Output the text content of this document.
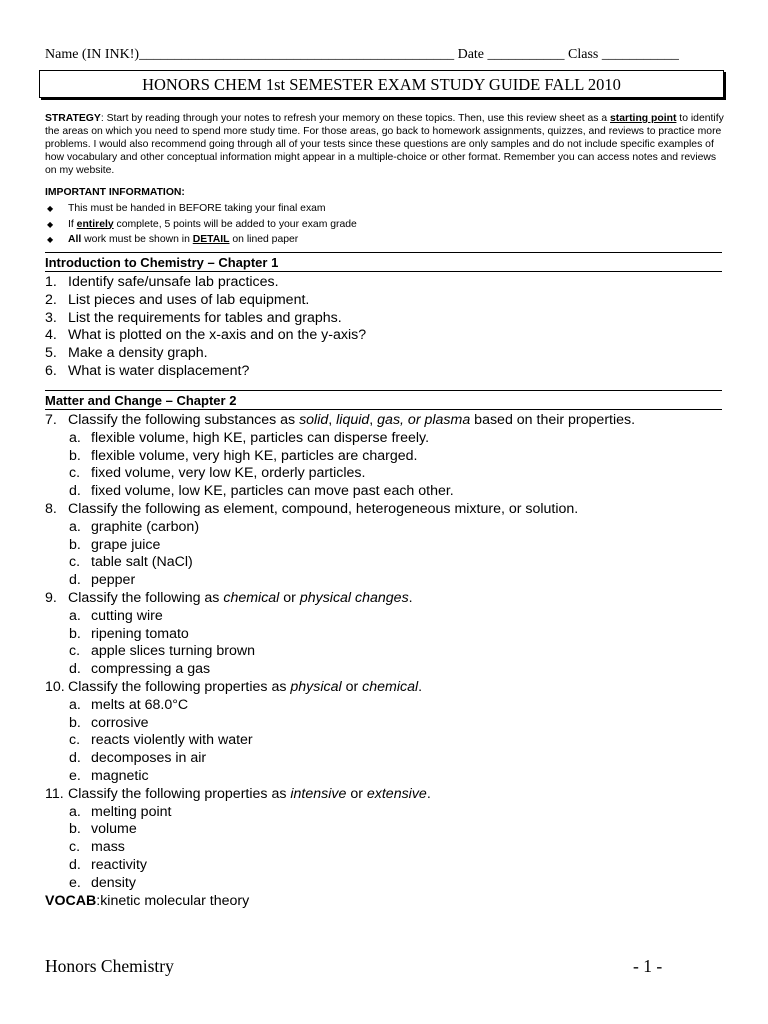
Name (IN INK!)_____________________________________________ Date ___________ Class ___________
HONORS CHEM 1st SEMESTER EXAM STUDY GUIDE FALL 2010
STRATEGY: Start by reading through your notes to refresh your memory on these topics. Then, use this review sheet as a starting point to identify the areas on which you need to spend more study time. For those areas, go back to homework assignments, quizzes, and reviews to practice more problems. I would also recommend going through all of your tests since these questions are only samples and do not include specific examples of how vocabulary and other conceptual information might appear in a multiple-choice or other format. Remember you can access notes and reviews on my website.
IMPORTANT INFORMATION:
◆ This must be handed in BEFORE taking your final exam
◆ If entirely complete, 5 points will be added to your exam grade
◆ All work must be shown in DETAIL on lined paper
Introduction to Chemistry – Chapter 1
1. Identify safe/unsafe lab practices.
2. List pieces and uses of lab equipment.
3. List the requirements for tables and graphs.
4. What is plotted on the x-axis and on the y-axis?
5. Make a density graph.
6. What is water displacement?
Matter and Change – Chapter 2
7. Classify the following substances as solid, liquid, gas, or plasma based on their properties.
a. flexible volume, high KE, particles can disperse freely.
b. flexible volume, very high KE, particles are charged.
c. fixed volume, very low KE, orderly particles.
d. fixed volume, low KE, particles can move past each other.
8. Classify the following as element, compound, heterogeneous mixture, or solution.
a. graphite (carbon)
b. grape juice
c. table salt (NaCl)
d. pepper
9. Classify the following as chemical or physical changes.
a. cutting wire
b. ripening tomato
c. apple slices turning brown
d. compressing a gas
10. Classify the following properties as physical or chemical.
a. melts at 68.0°C
b. corrosive
c. reacts violently with water
d. decomposes in air
e. magnetic
11. Classify the following properties as intensive or extensive.
a. melting point
b. volume
c. mass
d. reactivity
e. density
VOCAB:kinetic molecular theory
Honors Chemistry	- 1 -
